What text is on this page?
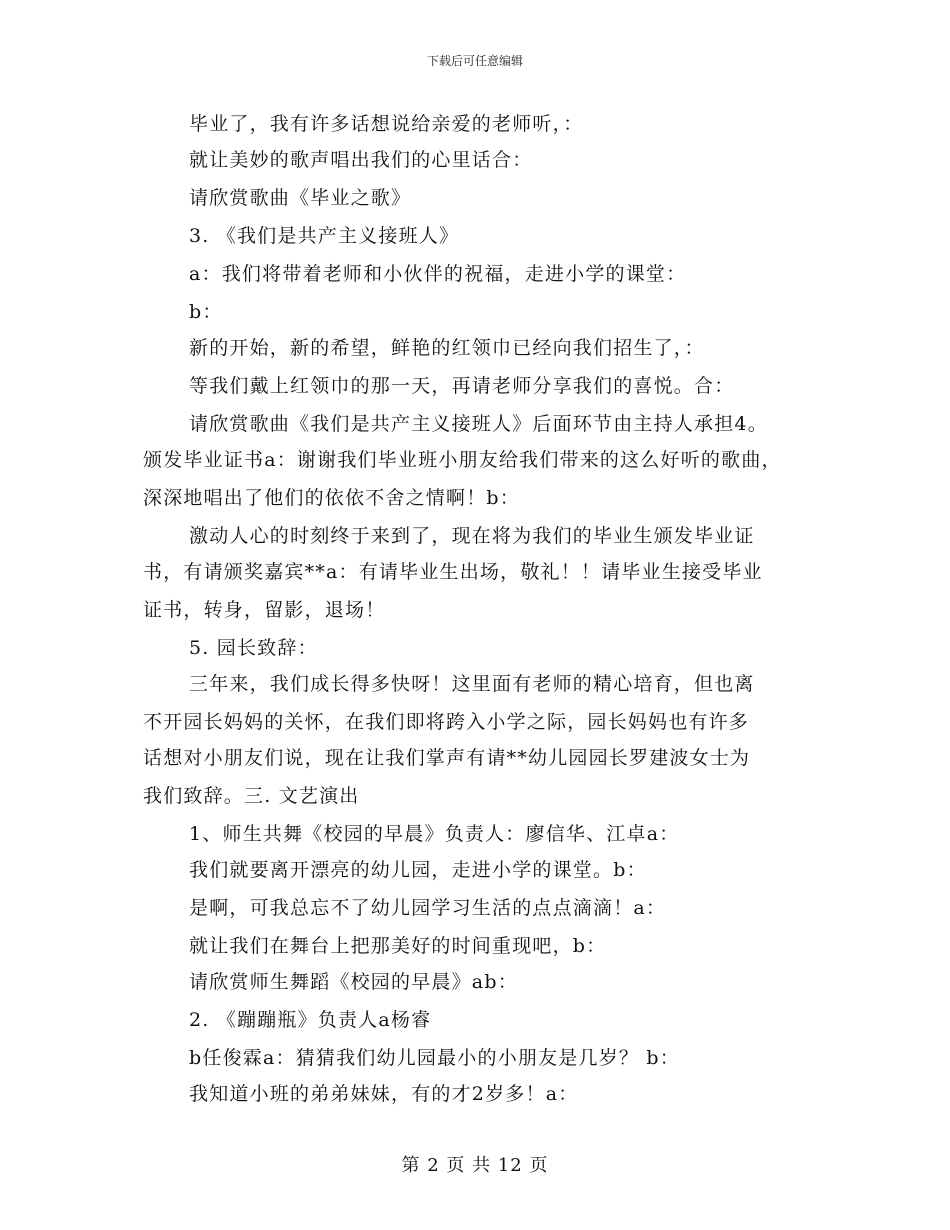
下载后可任意编辑
毕业了，我有许多话想说给亲爱的老师听，：
就让美妙的歌声唱出我们的心里话合：
请欣赏歌曲《毕业之歌》
3. 《我们是共产主义接班人》
a：我们将带着老师和小伙伴的祝福，走进小学的课堂：
b：
新的开始，新的希望，鲜艳的红领巾已经向我们招生了，：
等我们戴上红领巾的那一天，再请老师分享我们的喜悦。合：
请欣赏歌曲《我们是共产主义接班人》后面环节由主持人承担4。
颁发毕业证书a：谢谢我们毕业班小朋友给我们带来的这么好听的歌曲，
深深地唱出了他们的依依不舍之情啊！b：
激动人心的时刻终于来到了，现在将为我们的毕业生颁发毕业证
书，有请颁奖嘉宾**a：有请毕业生出场，敬礼！！请毕业生接受毕业
证书，转身，留影，退场！
5. 园长致辞：
三年来，我们成长得多快呀！这里面有老师的精心培育，但也离
不开园长妈妈的关怀，在我们即将跨入小学之际，园长妈妈也有许多
话想对小朋友们说，现在让我们掌声有请**幼儿园园长罗建波女士为
我们致辞。三. 文艺演出
1、师生共舞《校园的早晨》负责人：廖信华、江卓a：
我们就要离开漂亮的幼儿园，走进小学的课堂。b：
是啊，可我总忘不了幼儿园学习生活的点点滴滴！a：
就让我们在舞台上把那美好的时间重现吧，b：
请欣赏师生舞蹈《校园的早晨》ab：
2. 《蹦蹦瓶》负责人a杨睿
b任俊霖a：猜猜我们幼儿园最小的小朋友是几岁？ b：
我知道小班的弟弟妹妹，有的才2岁多！a：
第 2 页 共 12 页
